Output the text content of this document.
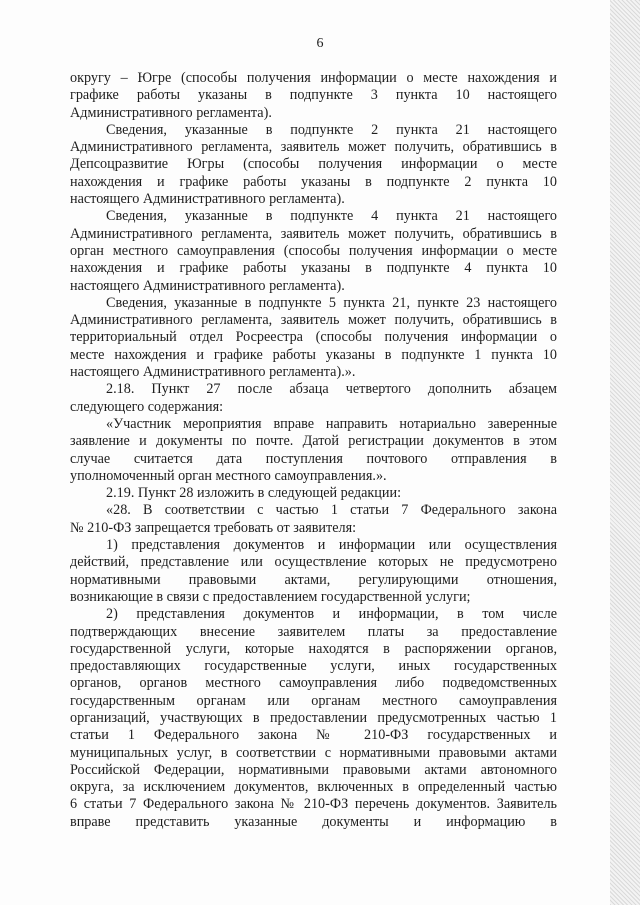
6
округу – Югре (способы получения информации о месте нахождения и
графике работы указаны в подпункте 3 пункта 10 настоящего
Административного регламента).
Сведения, указанные в подпункте 2 пункта 21 настоящего
Административного регламента, заявитель может получить, обратившись в
Депсоцразвитие Югры (способы получения информации о месте
нахождения и графике работы указаны в подпункте 2 пункта 10
настоящего Административного регламента).
Сведения, указанные в подпункте 4 пункта 21 настоящего
Административного регламента, заявитель может получить, обратившись в
орган местного самоуправления (способы получения информации о месте
нахождения и графике работы указаны в подпункте 4 пункта 10
настоящего Административного регламента).
Сведения, указанные в подпункте 5 пункта 21, пункте 23 настоящего
Административного регламента, заявитель может получить, обратившись в
территориальный отдел Росреестра (способы получения информации о
месте нахождения и графике работы указаны в подпункте 1 пункта 10
настоящего Административного регламента).».
2.18. Пункт 27 после абзаца четвертого дополнить абзацем
следующего содержания:
«Участник мероприятия вправе направить нотариально заверенные
заявление и документы по почте. Датой регистрации документов в этом
случае считается дата поступления почтового отправления в
уполномоченный орган местного самоуправления.».
2.19. Пункт 28 изложить в следующей редакции:
«28. В соответствии с частью 1 статьи 7 Федерального закона
№ 210-ФЗ запрещается требовать от заявителя:
1) представления документов и информации или осуществления
действий, представление или осуществление которых не предусмотрено
нормативными правовыми актами, регулирующими отношения,
возникающие в связи с предоставлением государственной услуги;
2) представления документов и информации, в том числе
подтверждающих внесение заявителем платы за предоставление
государственной услуги, которые находятся в распоряжении органов,
предоставляющих государственные услуги, иных государственных
органов, органов местного самоуправления либо подведомственных
государственным органам или органам местного самоуправления
организаций, участвующих в предоставлении предусмотренных частью 1
статьи 1 Федерального закона № 210-ФЗ государственных и
муниципальных услуг, в соответствии с нормативными правовыми актами
Российской Федерации, нормативными правовыми актами автономного
округа, за исключением документов, включенных в определенный частью
6 статьи 7 Федерального закона № 210-ФЗ перечень документов. Заявитель
вправе представить указанные документы и информацию в
